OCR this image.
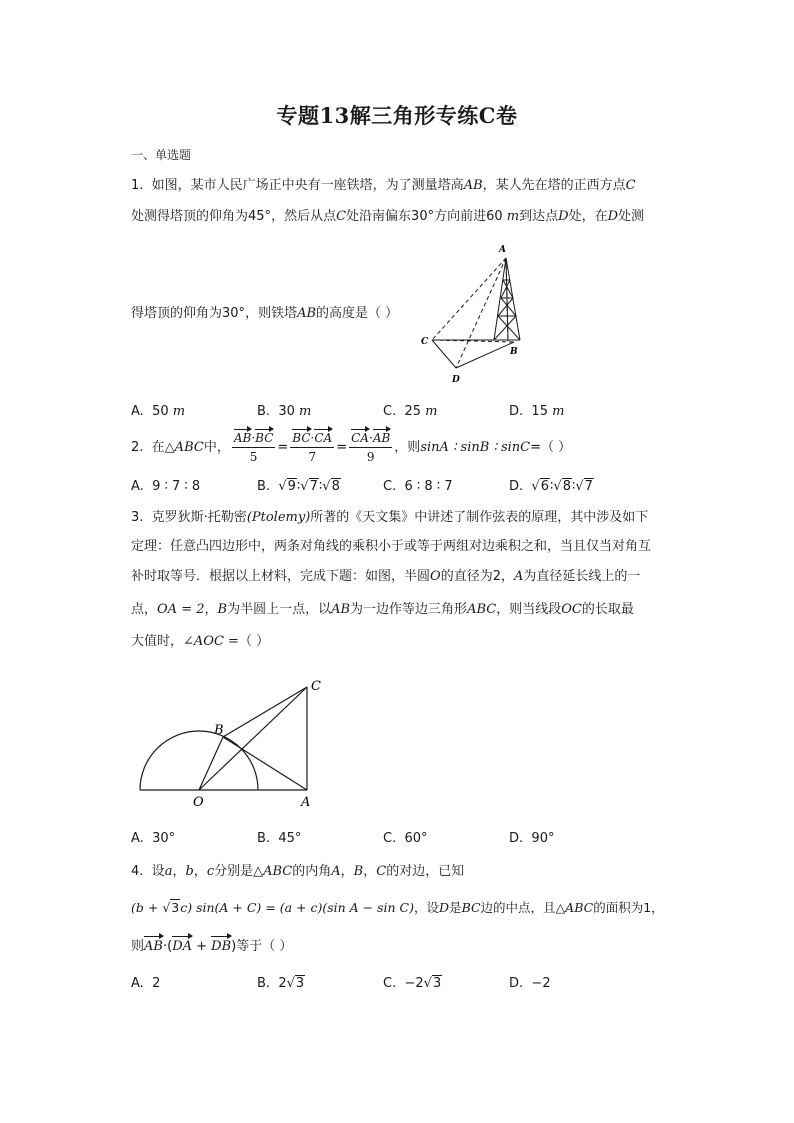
专题13解三角形专练C卷
一、单选题
1. 如图，某市人民广场正中央有一座铁塔，为了测量塔高AB，某人先在塔的正西方点C
处测得塔顶的仰角为45°，然后从点C处沿南偏东30°方向前进60 m到达点D处，在D处测
得塔顶的仰角为30°，则铁塔AB的高度是（ ）
A
B
C
D
A. 50 m	B. 30 m	C. 25 m	D. 15 m
2.
在 △ABC 中， $\frac{AB\cdot BC}{5} = \frac{BC\cdot CA}{7} = \frac{CA\cdot AB}{9}$ ，则 sinA ∶ sinB ∶ sinC =（ ）
A. 9 ∶ 7 ∶ 8	B. √9∶√7∶√8	C. 6 ∶ 8 ∶ 7	D. √6∶√8∶√7
3. 克罗狄斯·托勒密(Ptolemy)所著的《天文集》中讲述了制作弦表的原理，其中涉及如下
定理：任意凸四边形中，两条对角线的乘积小于或等于两组对边乘积之和，当且仅当对角互
补时取等号．根据以上材料，完成下题：如图，半圆O的直径为2，A为直径延长线上的一
点，OA = 2，B为半圆上一点，以AB为一边作等边三角形ABC，则当线段OC的长取最
大值时，∠AOC =（ ）
C
B
O	A
A. 30°	B. 45°	C. 60°	D. 90°
4. 设a，b，c分别是△ABC的内角A，B，C的对边，已知
(b + √3c) sin(A + C) = (a + c)(sin A − sin C)，设D是BC边的中点，且△ABC的面积为1，
则AB·(DA + DB)等于（ ）
A. 2	B. 2√3	C. −2√3	D. −2
